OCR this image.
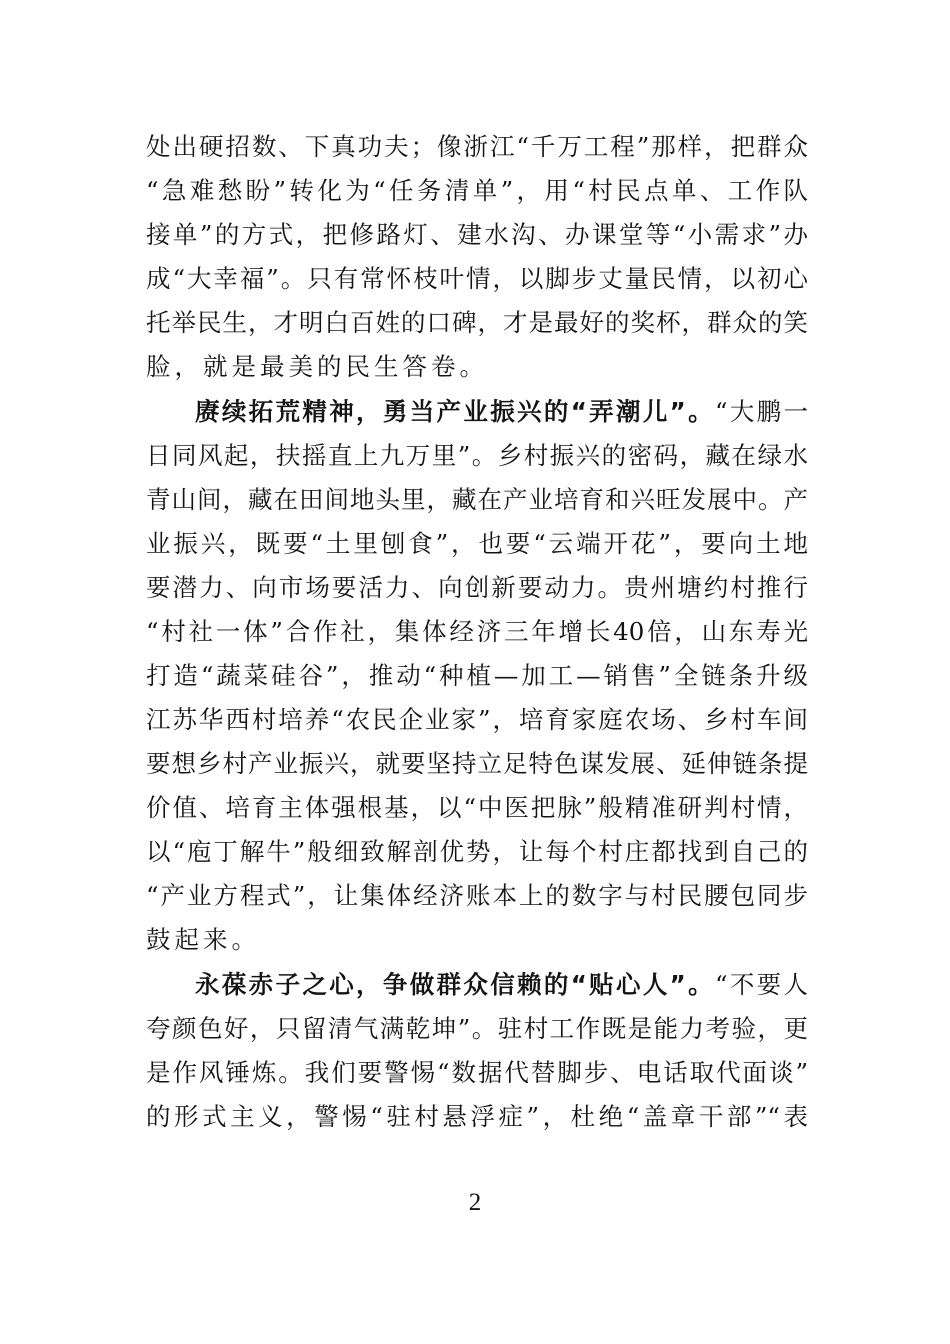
处出硬招数、下真功夫；像浙江“千万工程”那样，把群众
“急难愁盼”转化为“任务清单”，用“村民点单、工作队
接单”的方式，把修路灯、建水沟、办课堂等“小需求”办
成“大幸福”。只有常怀枝叶情，以脚步丈量民情，以初心
托举民生，才明白百姓的口碑，才是最好的奖杯，群众的笑
脸，就是最美的民生答卷。
赓续拓荒精神，勇当产业振兴的“弄潮儿”。“大鹏一
日同风起，扶摇直上九万里”。乡村振兴的密码，藏在绿水
青山间，藏在田间地头里，藏在产业培育和兴旺发展中。产
业振兴，既要“土里刨食”，也要“云端开花”，要向土地
要潜力、向市场要活力、向创新要动力。贵州塘约村推行
“村社一体”合作社，集体经济三年增长40倍，山东寿光
打造“蔬菜硅谷”，推动“种植—加工—销售”全链条升级
江苏华西村培养“农民企业家”，培育家庭农场、乡村车间
要想乡村产业振兴，就要坚持立足特色谋发展、延伸链条提
价值、培育主体强根基，以“中医把脉”般精准研判村情，
以“庖丁解牛”般细致解剖优势，让每个村庄都找到自己的
“产业方程式”，让集体经济账本上的数字与村民腰包同步
鼓起来。
永葆赤子之心，争做群众信赖的“贴心人”。“不要人
夸颜色好，只留清气满乾坤”。驻村工作既是能力考验，更
是作风锤炼。我们要警惕“数据代替脚步、电话取代面谈”
的形式主义，警惕“驻村悬浮症”，杜绝“盖章干部”“表
2
